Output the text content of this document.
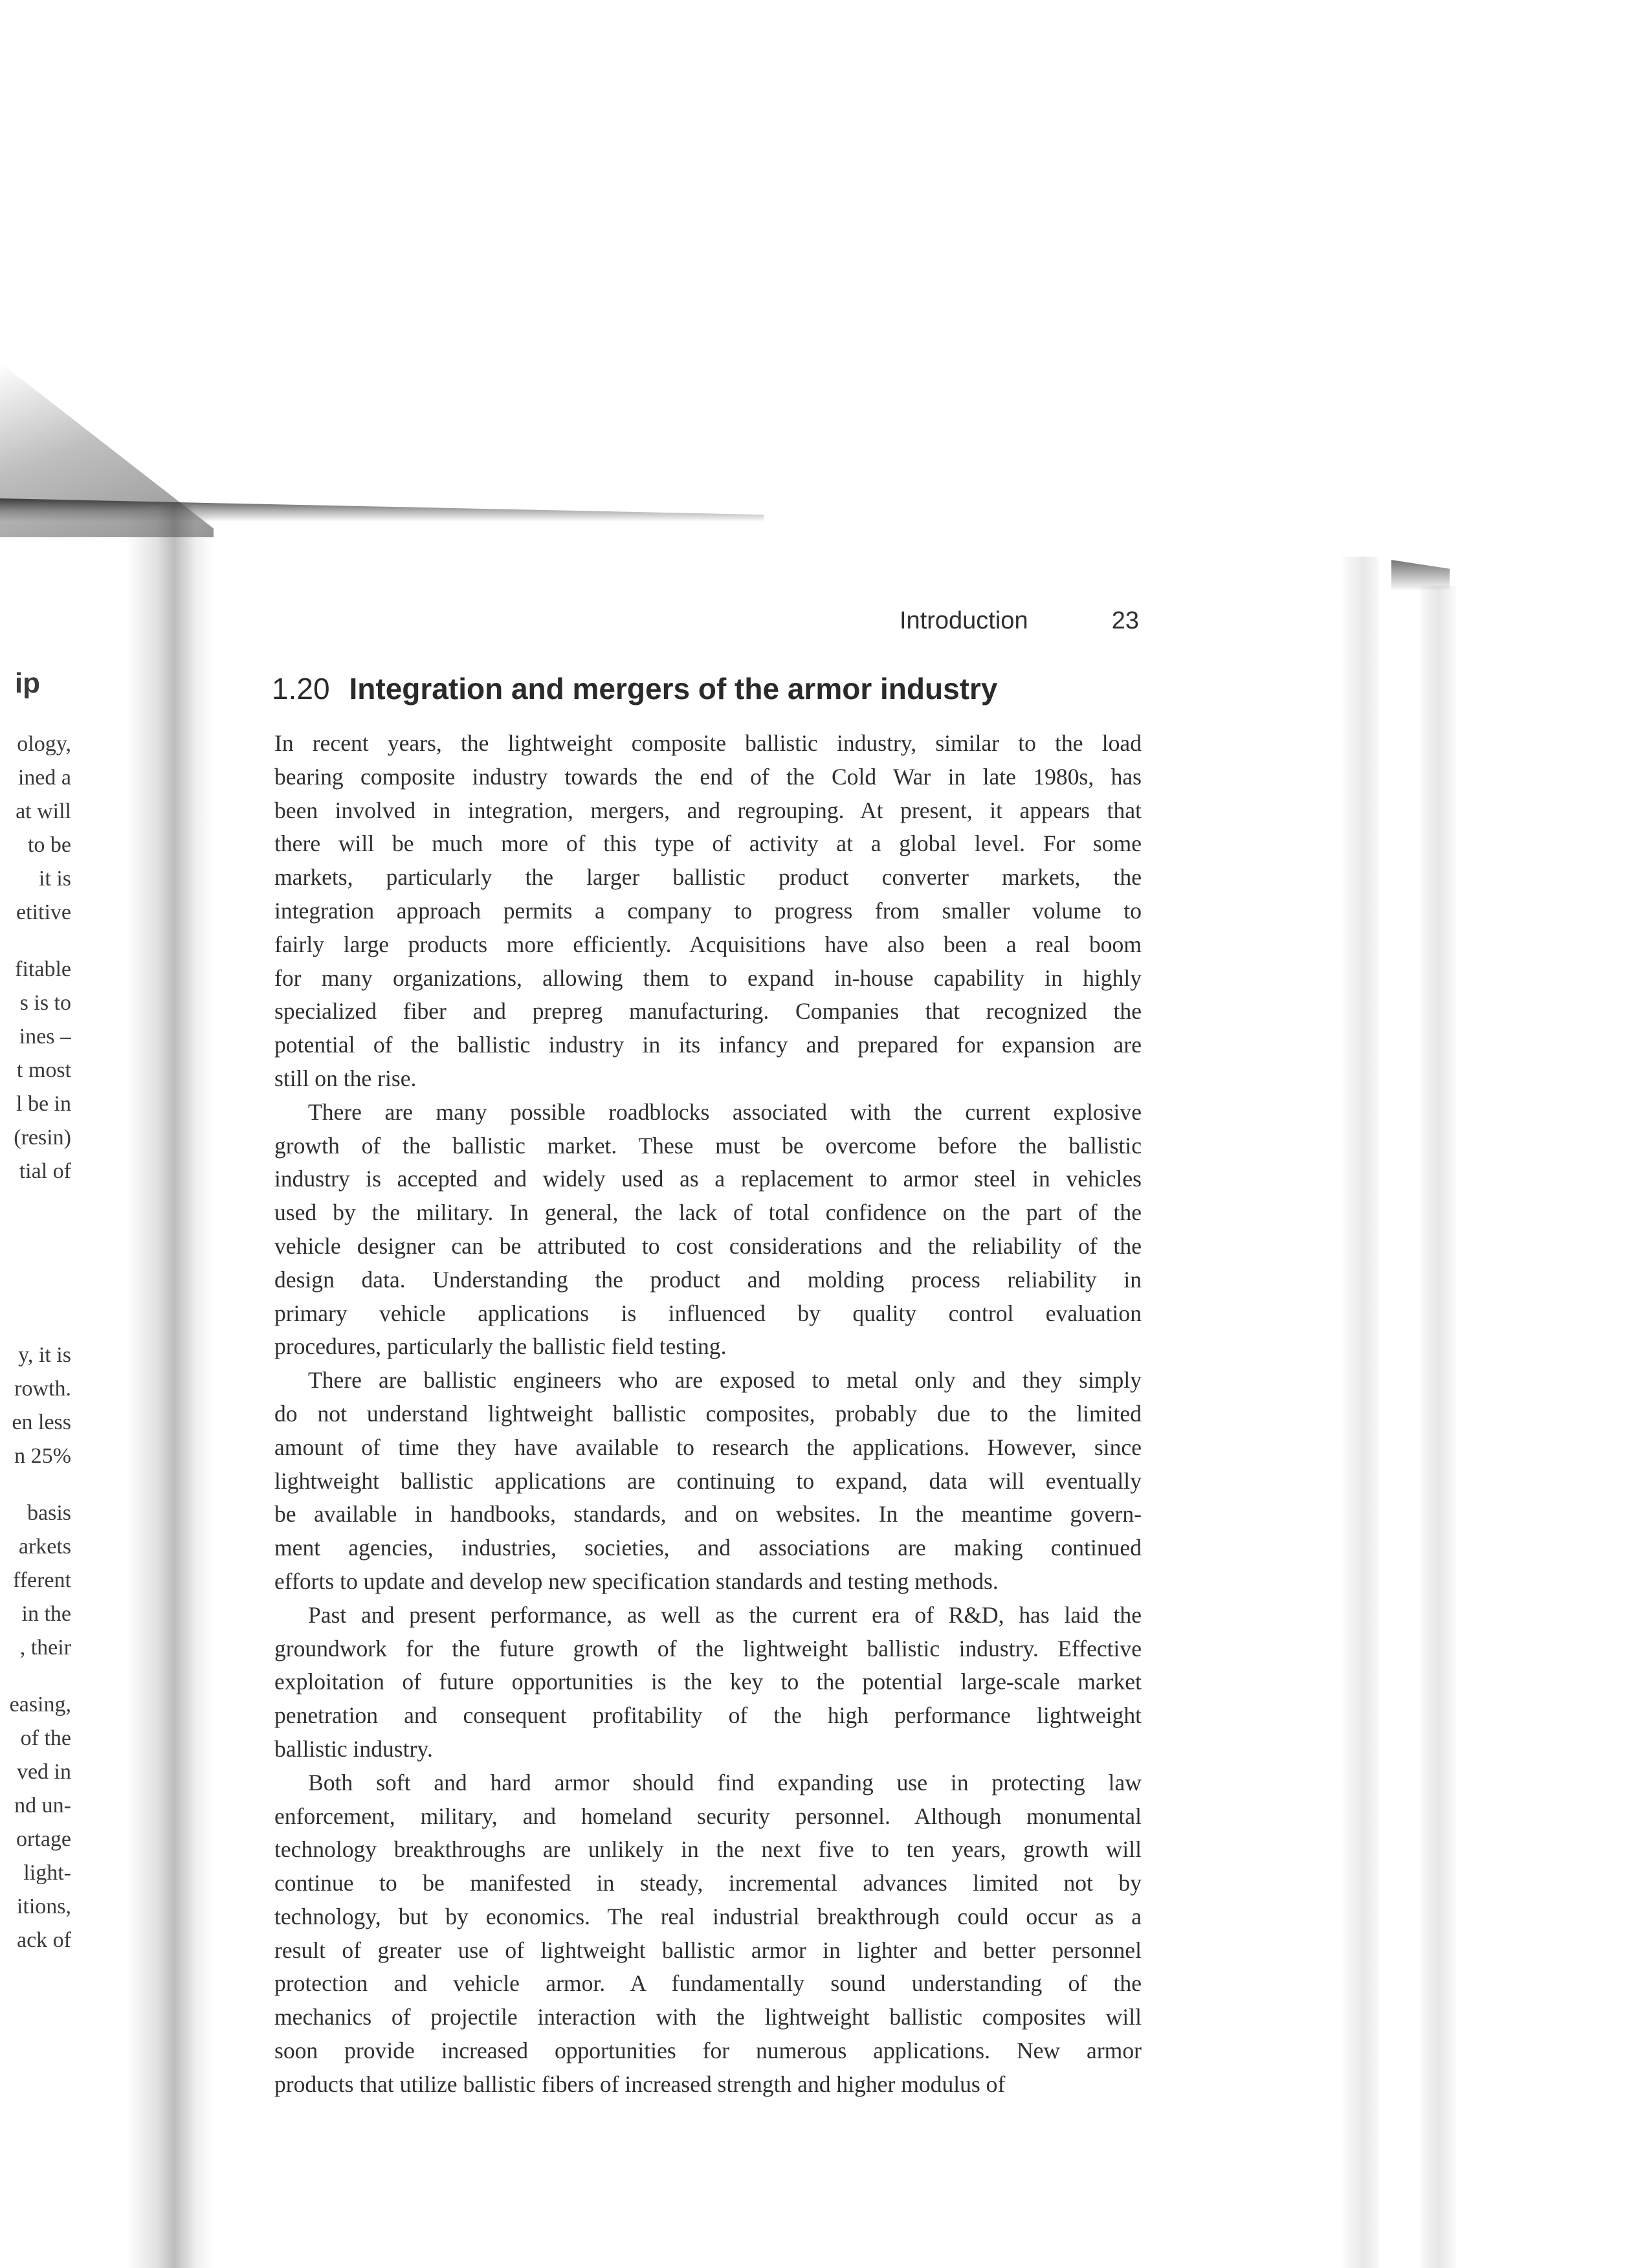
ip
ology,
ined a
at will
to be
it is
etitive
fitable
s is to
ines –
t most
l be in
(resin)
tial of
y, it is
rowth.
en less
n 25%
basis
arkets
fferent
in the
, their
easing,
of the
ved in
nd un-
ortage
light-
itions,
ack of
Introduction	23
1.20 Integration and mergers of the armor industry
In recent years, the lightweight composite ballistic industry, similar to the load
bearing composite industry towards the end of the Cold War in late 1980s, has
been involved in integration, mergers, and regrouping. At present, it appears that
there will be much more of this type of activity at a global level. For some
markets, particularly the larger ballistic product converter markets, the
integration approach permits a company to progress from smaller volume to
fairly large products more efficiently. Acquisitions have also been a real boom
for many organizations, allowing them to expand in-house capability in highly
specialized fiber and prepreg manufacturing. Companies that recognized the
potential of the ballistic industry in its infancy and prepared for expansion are
still on the rise.
There are many possible roadblocks associated with the current explosive
growth of the ballistic market. These must be overcome before the ballistic
industry is accepted and widely used as a replacement to armor steel in vehicles
used by the military. In general, the lack of total confidence on the part of the
vehicle designer can be attributed to cost considerations and the reliability of the
design data. Understanding the product and molding process reliability in
primary vehicle applications is influenced by quality control evaluation
procedures, particularly the ballistic field testing.
There are ballistic engineers who are exposed to metal only and they simply
do not understand lightweight ballistic composites, probably due to the limited
amount of time they have available to research the applications. However, since
lightweight ballistic applications are continuing to expand, data will eventually
be available in handbooks, standards, and on websites. In the meantime govern-
ment agencies, industries, societies, and associations are making continued
efforts to update and develop new specification standards and testing methods.
Past and present performance, as well as the current era of R&D, has laid the
groundwork for the future growth of the lightweight ballistic industry. Effective
exploitation of future opportunities is the key to the potential large-scale market
penetration and consequent profitability of the high performance lightweight
ballistic industry.
Both soft and hard armor should find expanding use in protecting law
enforcement, military, and homeland security personnel. Although monumental
technology breakthroughs are unlikely in the next five to ten years, growth will
continue to be manifested in steady, incremental advances limited not by
technology, but by economics. The real industrial breakthrough could occur as a
result of greater use of lightweight ballistic armor in lighter and better personnel
protection and vehicle armor. A fundamentally sound understanding of the
mechanics of projectile interaction with the lightweight ballistic composites will
soon provide increased opportunities for numerous applications. New armor
products that utilize ballistic fibers of increased strength and higher modulus of
